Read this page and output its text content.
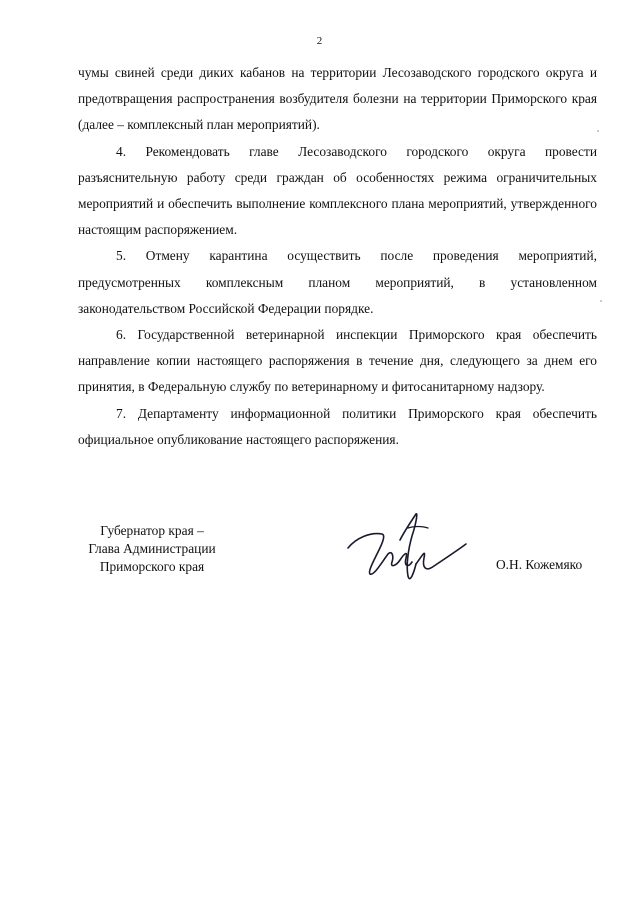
2

чумы свиней среди диких кабанов на территории Лесозаводского городского округа и предотвращения распространения возбудителя болезни на территории Приморского края (далее – комплексный план мероприятий).

4. Рекомендовать главе Лесозаводского городского округа провести разъяснительную работу среди граждан об особенностях режима ограничительных мероприятий и обеспечить выполнение комплексного плана мероприятий, утвержденного настоящим распоряжением.

5. Отмену карантина осуществить после проведения мероприятий, предусмотренных комплексным планом мероприятий, в установленном законодательством Российской Федерации порядке.

6. Государственной ветеринарной инспекции Приморского края обеспечить направление копии настоящего распоряжения в течение дня, следующего за днем его принятия, в Федеральную службу по ветеринарному и фитосанитарному надзору.

7. Департаменту информационной политики Приморского края обеспечить официальное опубликование настоящего распоряжения.

Губернатор края –
Глава Администрации
Приморского края	О.Н. Кожемяко
